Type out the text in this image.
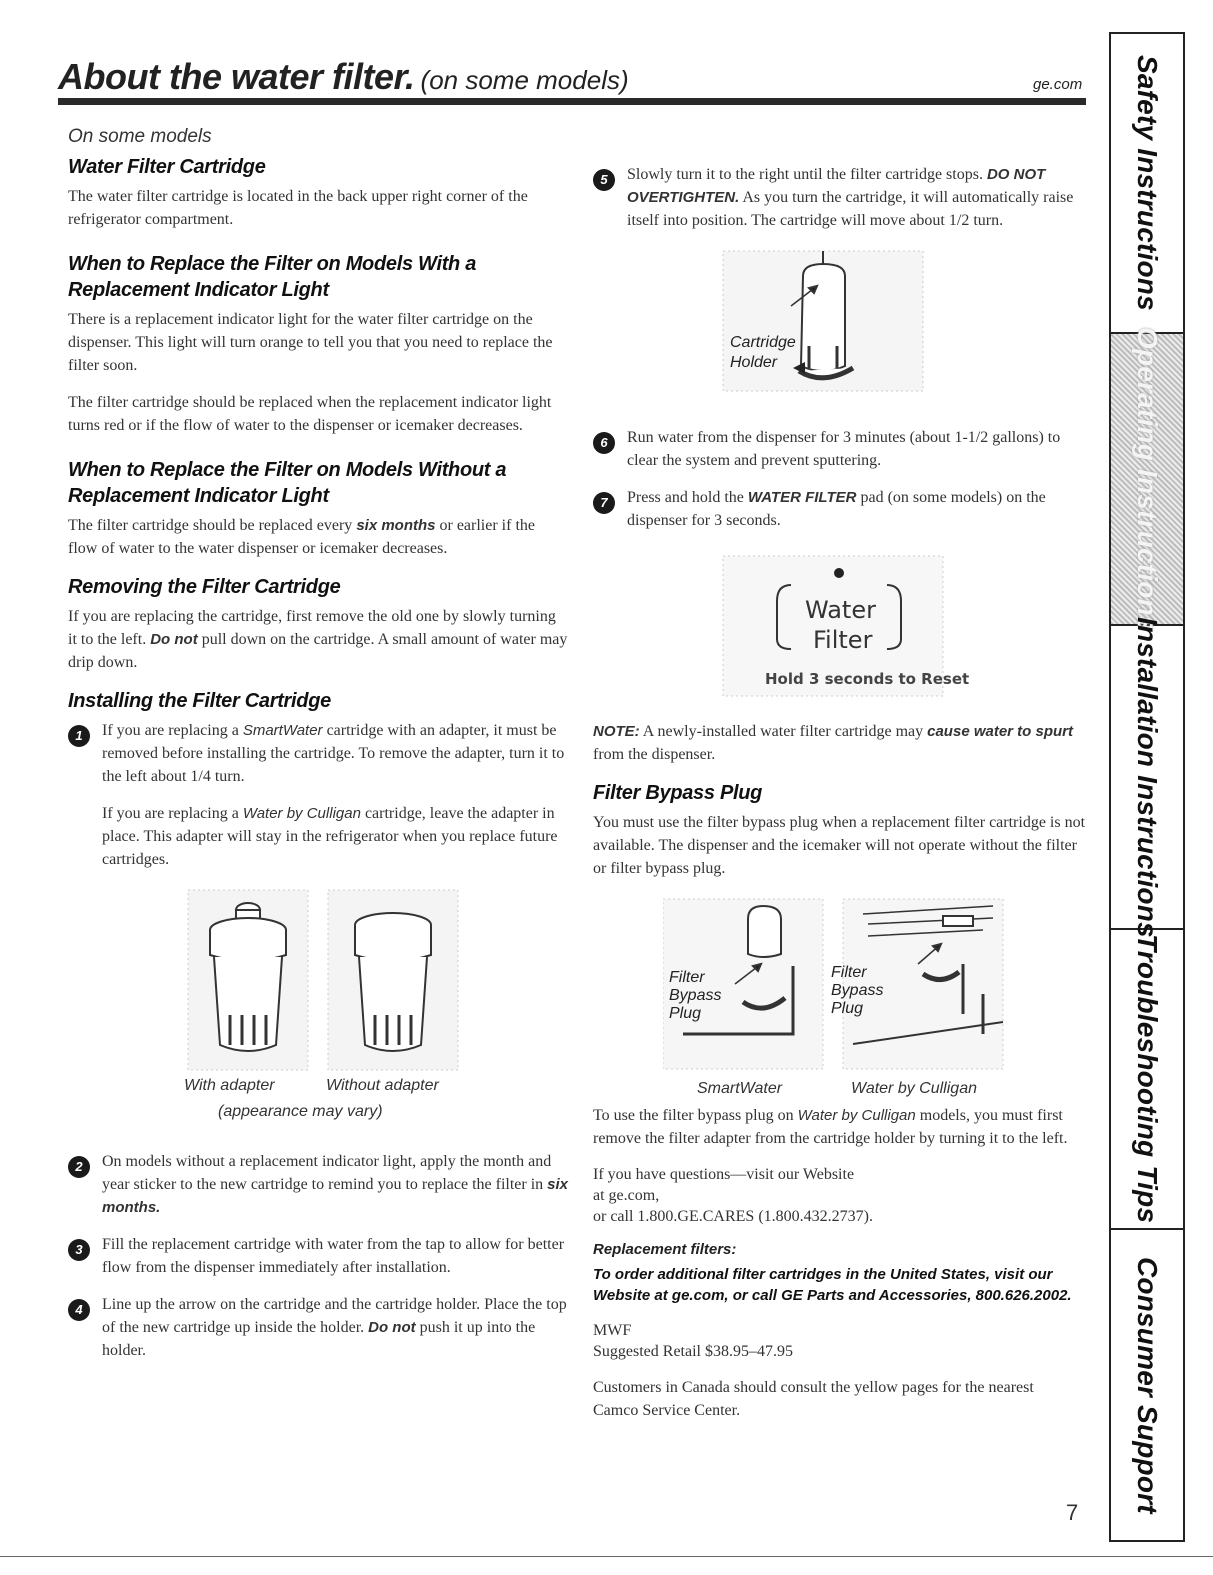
About the water filter. (on some models)	ge.com
On some models
Water Filter Cartridge

The water filter cartridge is located in the back upper right corner of the refrigerator compartment.

When to Replace the Filter on Models With a Replacement Indicator Light

There is a replacement indicator light for the water filter cartridge on the dispenser. This light will turn orange to tell you that you need to replace the filter soon.

The filter cartridge should be replaced when the replacement indicator light turns red or if the flow of water to the dispenser or icemaker decreases.

When to Replace the Filter on Models Without a Replacement Indicator Light

The filter cartridge should be replaced every six months or earlier if the flow of water to the water dispenser or icemaker decreases.

Removing the Filter Cartridge

If you are replacing the cartridge, first remove the old one by slowly turning it to the left. Do not pull down on the cartridge. A small amount of water may drip down.

Installing the Filter Cartridge
1	If you are replacing a SmartWater cartridge with an adapter, it must be removed before installing the cartridge. To remove the adapter, turn it to the left about 1/4 turn.

If you are replacing a Water by Culligan cartridge, leave the adapter in place. This adapter will stay in the refrigerator when you replace future cartridges.

With adapter	Without adapter
(appearance may vary)
2	On models without a replacement indicator light, apply the month and year sticker to the new cartridge to remind you to replace the filter in six months.

3	Fill the replacement cartridge with water from the tap to allow for better flow from the dispenser immediately after installation.

4	Line up the arrow on the cartridge and the cartridge holder. Place the top of the new cartridge up inside the holder. Do not push it up into the holder.

5	Slowly turn it to the right until the filter cartridge stops. DO NOT OVERTIGHTEN. As you turn the cartridge, it will automatically raise itself into position. The cartridge will move about 1/2 turn.

Cartridge
Holder
6	Run water from the dispenser for 3 minutes (about 1-1/2 gallons) to clear the system and prevent sputtering.

7	Press and hold the WATER FILTER pad (on some models) on the dispenser for 3 seconds.

Water
Filter
Hold 3 seconds to Reset

NOTE: A newly-installed water filter cartridge may cause water to spurt from the dispenser.

Filter Bypass Plug

You must use the filter bypass plug when a replacement filter cartridge is not available. The dispenser and the icemaker will not operate without the filter or filter bypass plug.

Filter
Bypass
Plug
Filter
Bypass
Plug
SmartWater	Water by Culligan

To use the filter bypass plug on Water by Culligan models, you must first remove the filter adapter from the cartridge holder by turning it to the left.

If you have questions—visit our Website
at ge.com,
or call 1.800.GE.CARES (1.800.432.2737).

Replacement filters:

To order additional filter cartridges in the United States, visit our Website at ge.com, or call GE Parts and Accessories, 800.626.2002.

MWF
Suggested Retail $38.95–47.95

Customers in Canada should consult the yellow pages for the nearest Camco Service Center.

Safety Instructions
Operating Instructions
Installation Instructions
Troubleshooting Tips
Consumer Support
7
